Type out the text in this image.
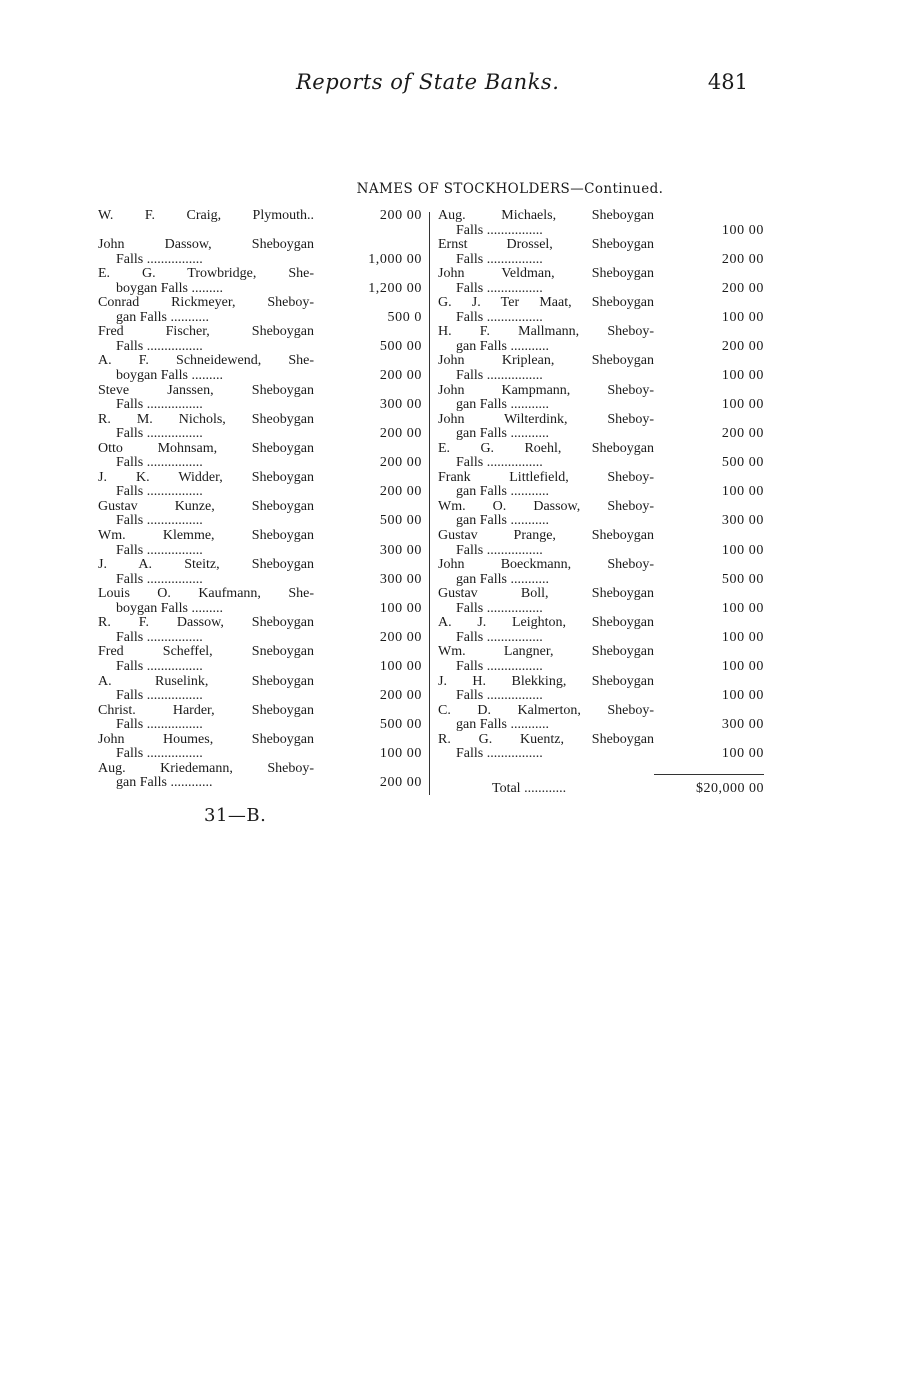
Reports of State Banks.	481
NAMES OF STOCKHOLDERS—Continued.
W. F. Craig, Plymouth..	200 00
John Dassow, Sheboygan
Falls ................	1,000 00
E. G. Trowbridge, She-
boygan Falls .........	1,200 00
Conrad Rickmeyer, Sheboy-
gan Falls ...........	500 0
Fred Fischer, Sheboygan
Falls ................	500 00
A. F. Schneidewend, She-
boygan Falls .........	200 00
Steve Janssen, Sheboygan
Falls ................	300 00
R. M. Nichols, Sheobygan
Falls ................	200 00
Otto Mohnsam, Sheboygan
Falls ................	200 00
J. K. Widder, Sheboygan
Falls ................	200 00
Gustav Kunze, Sheboygan
Falls ................	500 00
Wm. Klemme, Sheboygan
Falls ................	300 00
J. A. Steitz, Sheboygan
Falls ................	300 00
Louis O. Kaufmann, She-
boygan Falls .........	100 00
R. F. Dassow, Sheboygan
Falls ................	200 00
Fred Scheffel, Sneboygan
Falls ................	100 00
A. Ruselink, Sheboygan
Falls ................	200 00
Christ. Harder, Sheboygan
Falls ................	500 00
John Houmes, Sheboygan
Falls ................	100 00
Aug. Kriedemann, Sheboy-
gan Falls ............	200 00
Aug. Michaels, Sheboygan
Falls ................	100 00
Ernst Drossel, Sheboygan
Falls ................	200 00
John Veldman, Sheboygan
Falls ................	200 00
G. J. Ter Maat, Sheboygan
Falls ................	100 00
H. F. Mallmann, Sheboy-
gan Falls ...........	200 00
John Kriplean, Sheboygan
Falls ................	100 00
John Kampmann, Sheboy-
gan Falls ...........	100 00
John Wilterdink, Sheboy-
gan Falls ...........	200 00
E. G. Roehl, Sheboygan
Falls ................	500 00
Frank Littlefield, Sheboy-
gan Falls ...........	100 00
Wm. O. Dassow, Sheboy-
gan Falls ...........	300 00
Gustav Prange, Sheboygan
Falls ................	100 00
John Boeckmann, Sheboy-
gan Falls ...........	500 00
Gustav Boll, Sheboygan
Falls ................	100 00
A. J. Leighton, Sheboygan
Falls ................	100 00
Wm. Langner, Sheboygan
Falls ................	100 00
J. H. Blekking, Sheboygan
Falls ................	100 00
C. D. Kalmerton, Sheboy-
gan Falls ...........	300 00
R. G. Kuentz, Sheboygan
Falls ................	100 00
Total ............	$20,000 00
31—B.
